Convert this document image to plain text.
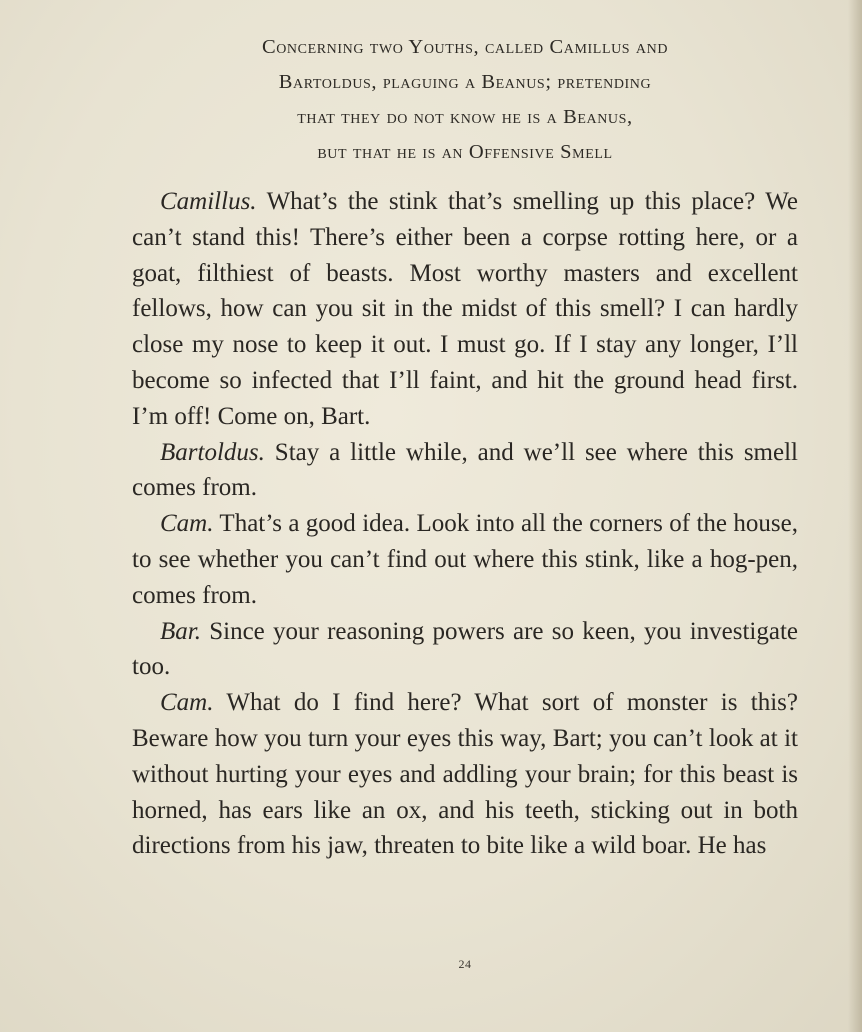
Concerning two Youths, called Camillus and
Bartoldus, plaguing a Beanus; pretending
that they do not know he is a Beanus,
but that he is an Offensive Smell

Camillus. What’s the stink that’s smelling up this place? We can’t stand this! There’s either been a corpse rotting here, or a goat, filthiest of beasts. Most worthy masters and excellent fellows, how can you sit in the midst of this smell? I can hardly close my nose to keep it out. I must go. If I stay any longer, I’ll become so infected that I’ll faint, and hit the ground head first. I’m off! Come on, Bart.

Bartoldus. Stay a little while, and we’ll see where this smell comes from.

Cam. That’s a good idea. Look into all the corners of the house, to see whether you can’t find out where this stink, like a hog-pen, comes from.

Bar. Since your reasoning powers are so keen, you investigate too.

Cam. What do I find here? What sort of monster is this? Beware how you turn your eyes this way, Bart; you can’t look at it without hurting your eyes and addling your brain; for this beast is horned, has ears like an ox, and his teeth, sticking out in both directions from his jaw, threaten to bite like a wild boar. He has

24
